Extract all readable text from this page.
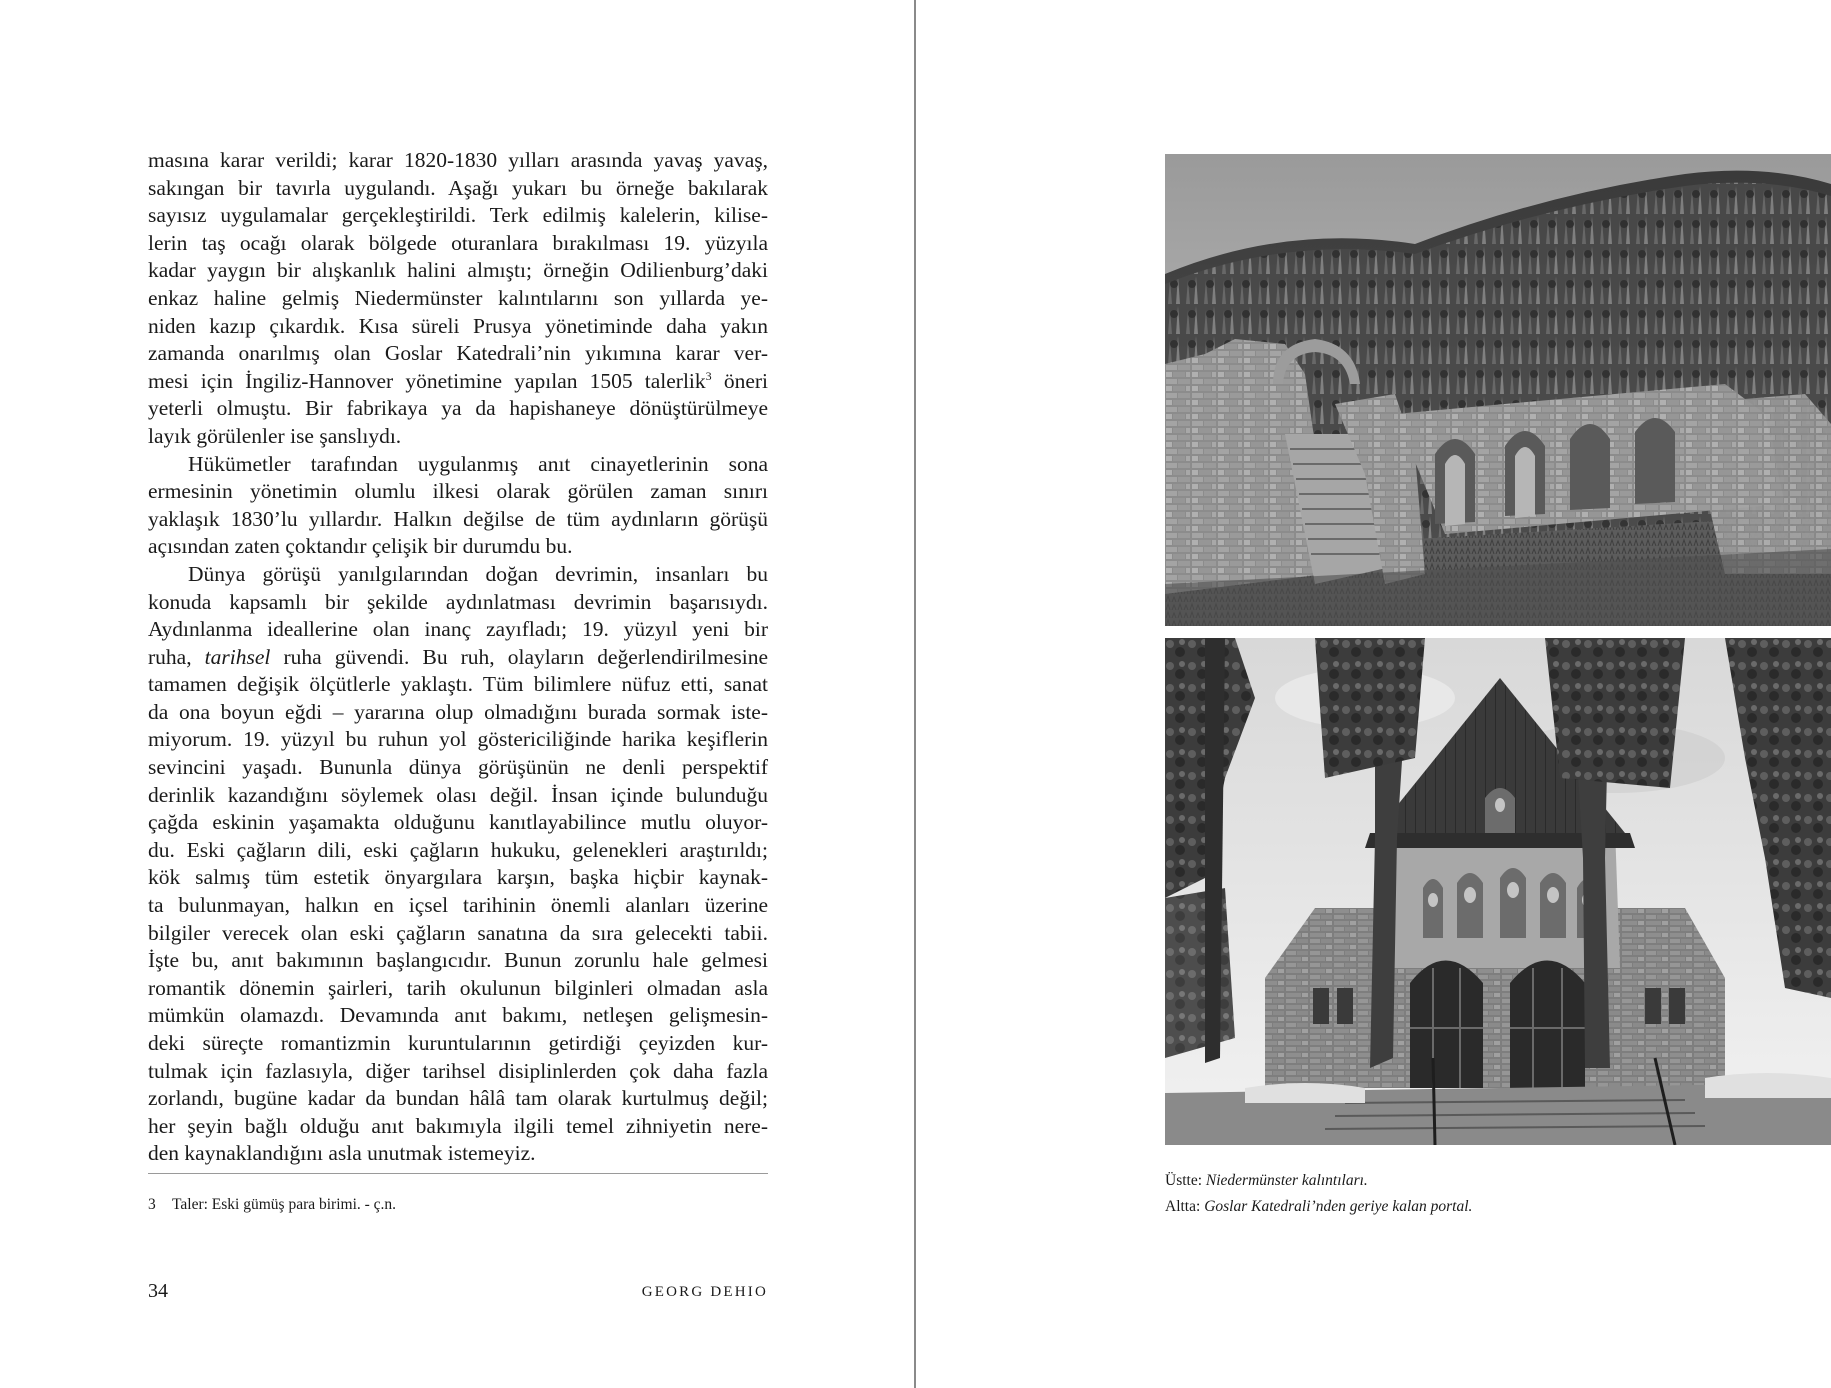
masına karar verildi; karar 1820-1830 yılları arasında yavaş yavaş,
sakıngan bir tavırla uygulandı. Aşağı yukarı bu örneğe bakılarak
sayısız uygulamalar gerçekleştirildi. Terk edilmiş kalelerin, kilise-
lerin taş ocağı olarak bölgede oturanlara bırakılması 19. yüzyıla
kadar yaygın bir alışkanlık halini almıştı; örneğin Odilienburg’daki
enkaz haline gelmiş Niedermünster kalıntılarını son yıllarda ye-
niden kazıp çıkardık. Kısa süreli Prusya yönetiminde daha yakın
zamanda onarılmış olan Goslar Katedrali’nin yıkımına karar ver-
mesi için İngiliz-Hannover yönetimine yapılan 1505 talerlik$^3$ öneri
yeterli olmuştu. Bir fabrikaya ya da hapishaneye dönüştürülmeye
layık görülenler ise şanslıydı.

Hükümetler tarafından uygulanmış anıt cinayetlerinin sona
ermesinin yönetimin olumlu ilkesi olarak görülen zaman sınırı
yaklaşık 1830’lu yıllardır. Halkın değilse de tüm aydınların görüşü
açısından zaten çoktandır çelişik bir durumdu bu.

Dünya görüşü yanılgılarından doğan devrimin, insanları bu
konuda kapsamlı bir şekilde aydınlatması devrimin başarısıydı.
Aydınlanma ideallerine olan inanç zayıfladı; 19. yüzyıl yeni bir
ruha, tarihsel ruha güvendi. Bu ruh, olayların değerlendirilmesine
tamamen değişik ölçütlerle yaklaştı. Tüm bilimlere nüfuz etti, sanat
da ona boyun eğdi – yararına olup olmadığını burada sormak iste-
miyorum. 19. yüzyıl bu ruhun yol göstericiliğinde harika keşiflerin
sevincini yaşadı. Bununla dünya görüşünün ne denli perspektif
derinlik kazandığını söylemek olası değil. İnsan içinde bulunduğu
çağda eskinin yaşamakta olduğunu kanıtlayabilince mutlu oluyor-
du. Eski çağların dili, eski çağların hukuku, gelenekleri araştırıldı;
kök salmış tüm estetik önyargılara karşın, başka hiçbir kaynak-
ta bulunmayan, halkın en içsel tarihinin önemli alanları üzerine
bilgiler verecek olan eski çağların sanatına da sıra gelecekti tabii.
İşte bu, anıt bakımının başlangıcıdır. Bunun zorunlu hale gelmesi
romantik dönemin şairleri, tarih okulunun bilginleri olmadan asla
mümkün olamazdı. Devamında anıt bakımı, netleşen gelişmesin-
deki süreçte romantizmin kuruntularının getirdiği çeyizden kur-
tulmak için fazlasıyla, diğer tarihsel disiplinlerden çok daha fazla
zorlandı, bugüne kadar da bundan hâlâ tam olarak kurtulmuş değil;
her şeyin bağlı olduğu anıt bakımıyla ilgili temel zihniyetin nere-
den kaynaklandığını asla unutmak istemeyiz.

3 Taler: Eski gümüş para birimi. - ç.n.
34	GEORG DEHIO
Üstte: Niedermünster kalıntıları.
Altta: Goslar Katedrali’nden geriye kalan portal.
